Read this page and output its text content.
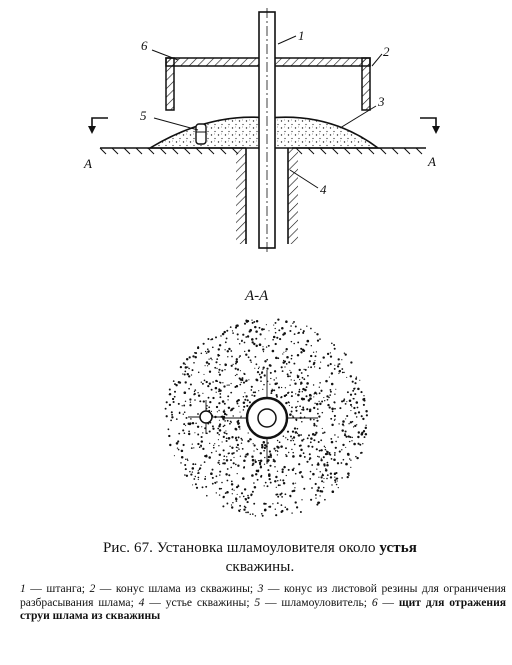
A	A
1
6	2
3
5
4
A-A
Рис. 67. Установка шламоуловителя около устья
скважины.
1 — штанга; 2 — конус шлама из скважины; 3 — конус из листовой резины для ограничения разбрасывания шлама; 4 — устье скважины; 5 — шламоуловитель; 6 — щит для отражения струи шлама из скважины
